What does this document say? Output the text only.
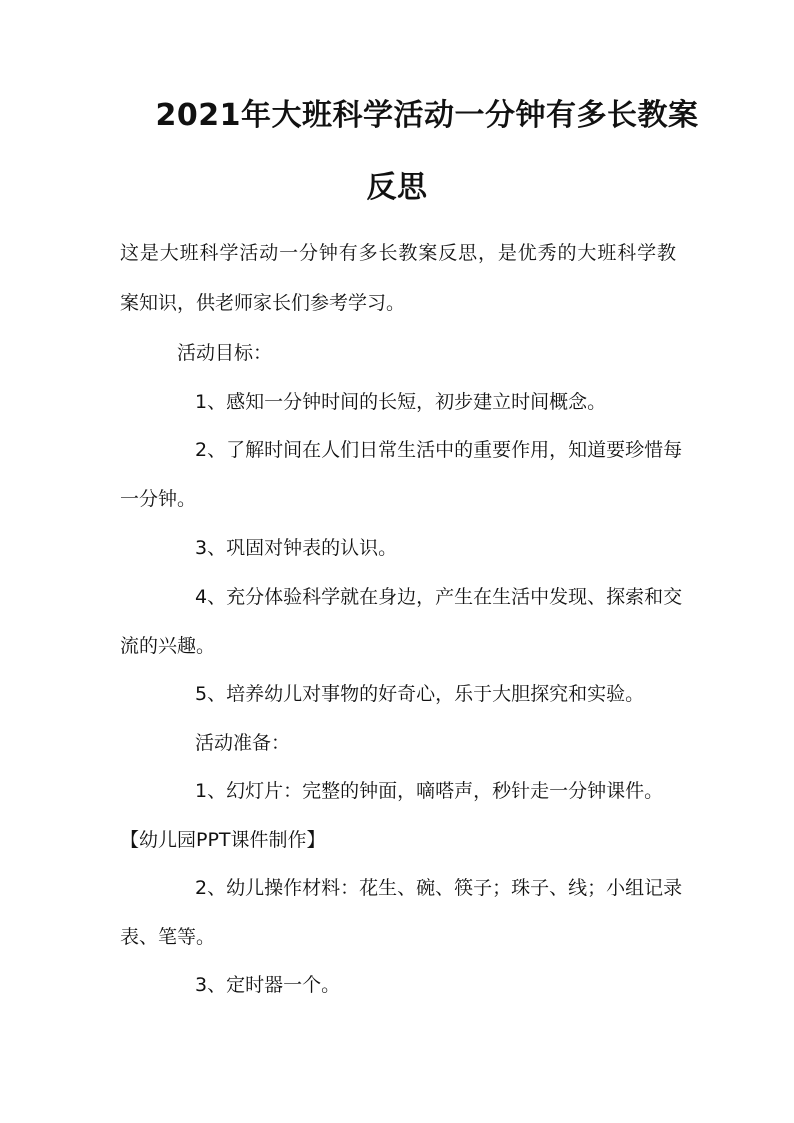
2021年大班科学活动一分钟有多长教案
反思
这是大班科学活动一分钟有多长教案反思，是优秀的大班科学教
案知识，供老师家长们参考学习。
活动目标：
1、感知一分钟时间的长短，初步建立时间概念。
2、了解时间在人们日常生活中的重要作用，知道要珍惜每
一分钟。
3、巩固对钟表的认识。
4、充分体验科学就在身边，产生在生活中发现、探索和交
流的兴趣。
5、培养幼儿对事物的好奇心，乐于大胆探究和实验。
活动准备：
1、幻灯片：完整的钟面，嘀嗒声，秒针走一分钟课件。
【幼儿园PPT课件制作】
2、幼儿操作材料：花生、碗、筷子；珠子、线；小组记录
表、笔等。
3、定时器一个。
